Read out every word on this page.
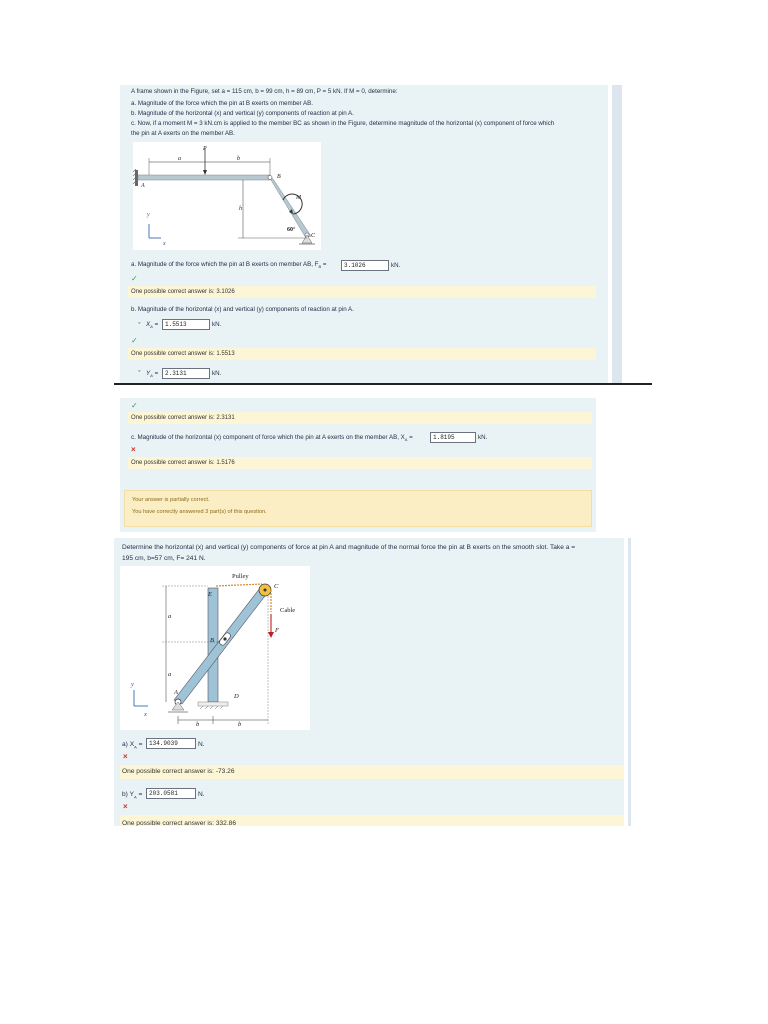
A frame shown in the Figure, set a = 115 cm, b = 99 cm, h = 89 cm, P = 5 kN. If M = 0, determine:
a. Magnitude of the force which the pin at B exerts on member AB.
b. Magnitude of the horizontal (x) and vertical (y) components of reaction at pin A.
c. Now, if a moment M = 3 kN.cm is applied to the member BC as shown in the Figure, determine magnitude of the horizontal (x) component of force which
the pin at A exerts on the member AB.
a	b
P
B
A
M
h
60°
C
y
x
a. Magnitude of the force which the pin at B exerts on member AB, $F_B$ =	3.1026	kN.
✓
One possible correct answer is: 3.1026
b. Magnitude of the horizontal (x) and vertical (y) components of reaction at pin A.
◦ $X_A$ =	1.5513	kN.
✓
One possible correct answer is: 1.5513
◦ $Y_A$ =	2.3131	kN.
✓
One possible correct answer is: 2.3131
c. Magnitude of the horizontal (x) component of force which the pin at A exerts on the member AB, $X_A$ =	1.8195	kN.
×
One possible correct answer is: 1.5176
Your answer is partially correct.
You have correctly answered 3 part(s) of this question.
Determine the horizontal (x) and vertical (y) components of force at pin A and magnitude of the normal force the pin at B exerts on the smooth slot. Take a =
195 cm, b=57 cm, F= 241 N.
Pulley
C
E
Cable
F
a
a
B
A
D
b	b
y
x
a) $X_A$ =	134.9039	N.
×
One possible correct answer is: -73.26
b) $Y_A$ =	203.0581	N.
×
One possible correct answer is: 332.86
